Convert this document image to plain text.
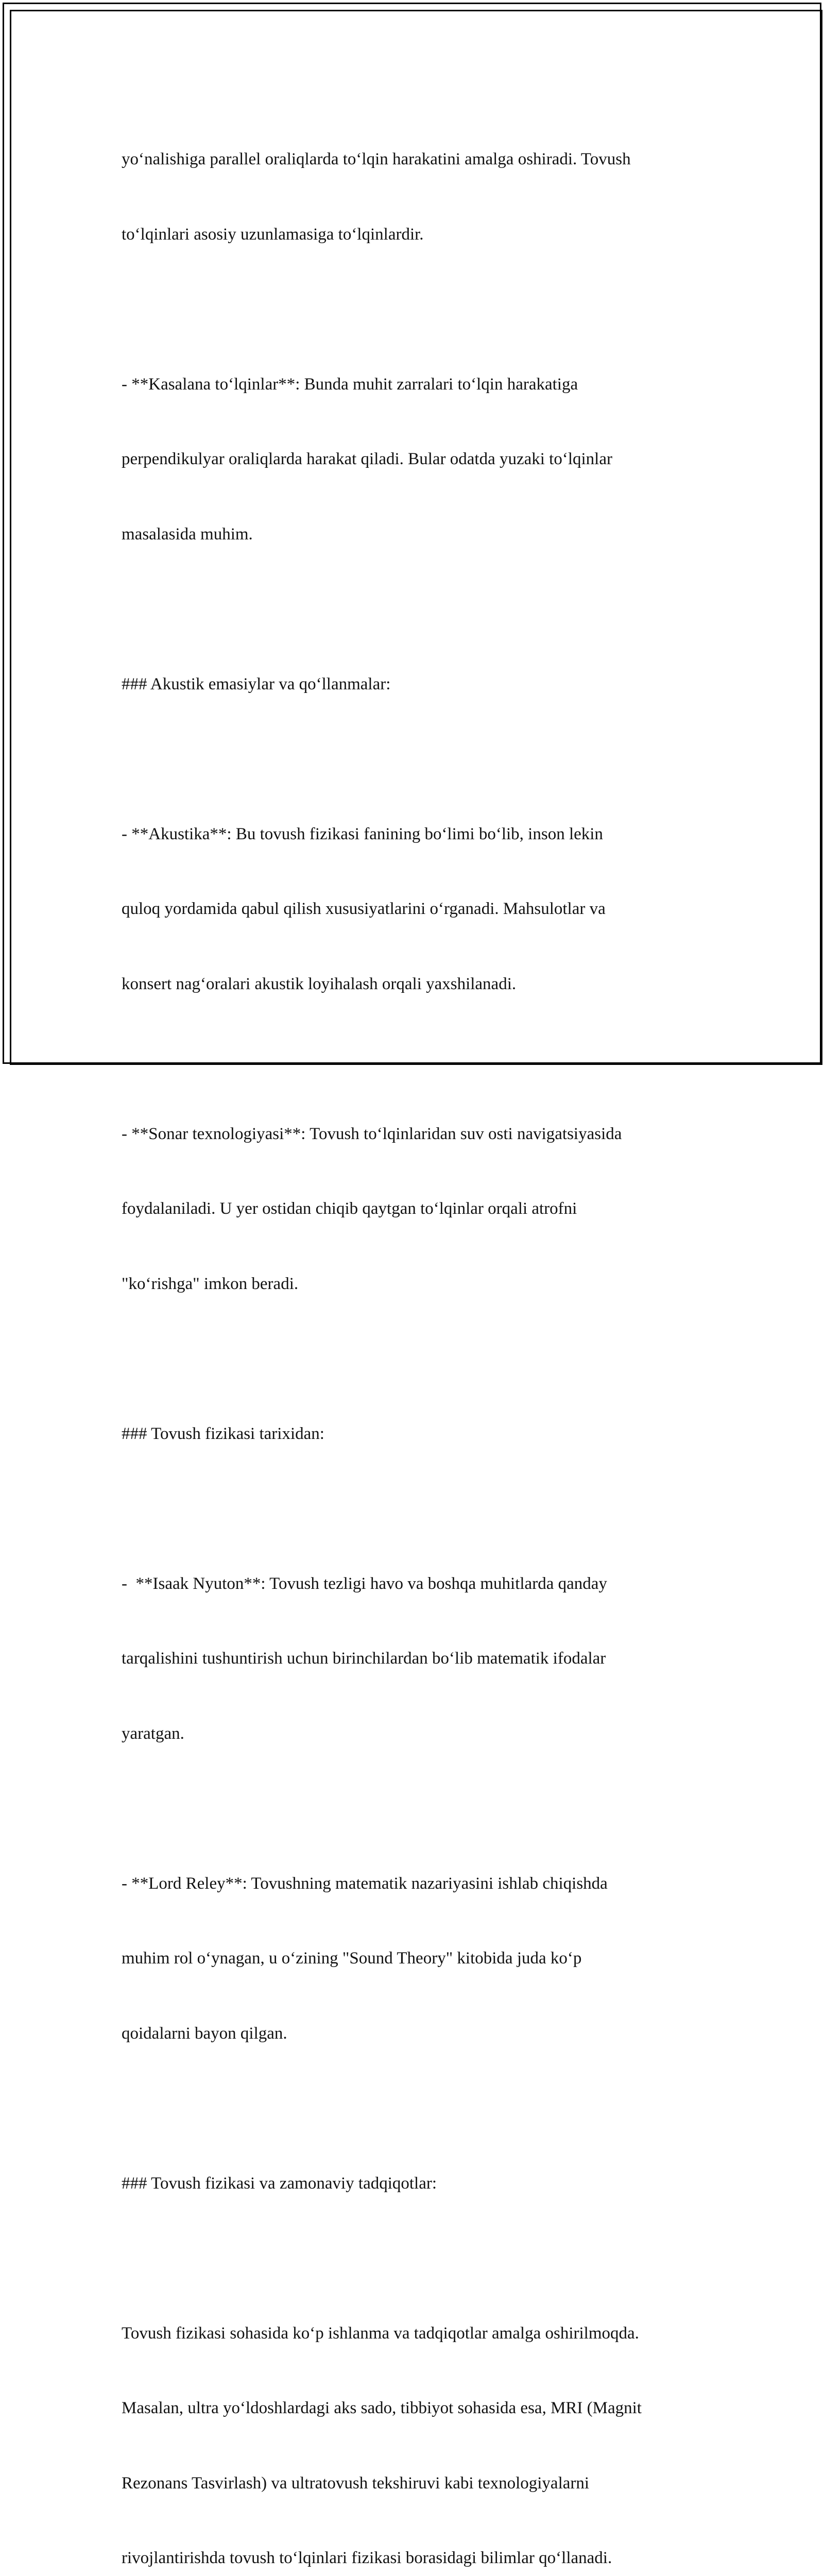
yo‘nalishiga parallel oraliqlarda to‘lqin harakatini amalga oshiradi. Tovush

to‘lqinlari asosiy uzunlamasiga to‘lqinlardir.

- **Kasalana to‘lqinlar**: Bunda muhit zarralari to‘lqin harakatiga

perpendikulyar oraliqlarda harakat qiladi. Bular odatda yuzaki to‘lqinlar

masalasida muhim.

### Akustik emasiylar va qo‘llanmalar:

- **Akustika**: Bu tovush fizikasi fanining bo‘limi bo‘lib, inson lekin

quloq yordamida qabul qilish xususiyatlarini o‘rganadi. Mahsulotlar va

konsert nag‘oralari akustik loyihalash orqali yaxshilanadi.

- **Sonar texnologiyasi**: Tovush to‘lqinlaridan suv osti navigatsiyasida

foydalaniladi. U yer ostidan chiqib qaytgan to‘lqinlar orqali atrofni

"ko‘rishga" imkon beradi.

### Tovush fizikasi tarixidan:

-  **Isaak Nyuton**: Tovush tezligi havo va boshqa muhitlarda qanday

tarqalishini tushuntirish uchun birinchilardan bo‘lib matematik ifodalar

yaratgan.

- **Lord Reley**: Tovushning matematik nazariyasini ishlab chiqishda

muhim rol o‘ynagan, u o‘zining "Sound Theory" kitobida juda ko‘p

qoidalarni bayon qilgan.

### Tovush fizikasi va zamonaviy tadqiqotlar:

Tovush fizikasi sohasida ko‘p ishlanma va tadqiqotlar amalga oshirilmoqda.

Masalan, ultra yo‘ldoshlardagi aks sado, tibbiyot sohasida esa, MRI (Magnit

Rezonans Tasvirlash) va ultratovush tekshiruvi kabi texnologiyalarni

rivojlantirishda tovush to‘lqinlari fizikasi borasidagi bilimlar qo‘llanadi.
